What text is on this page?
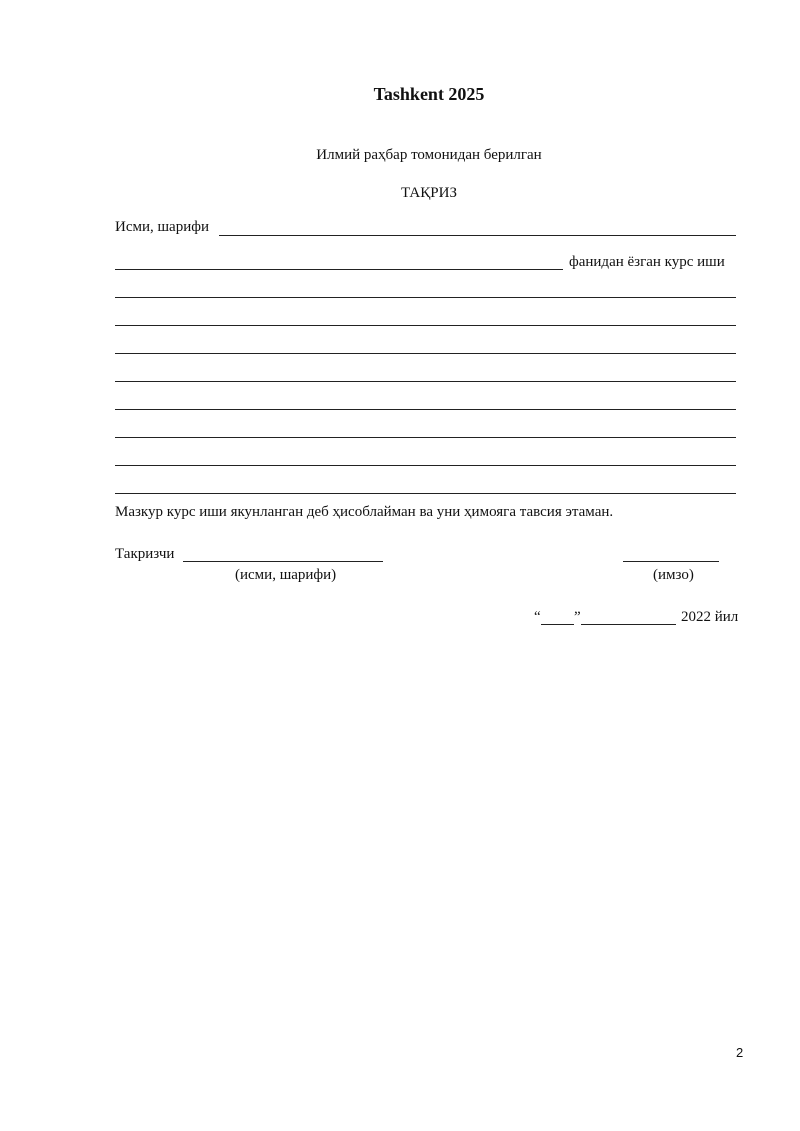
Tashkent 2025
Илмий раҳбар томонидан берилган
ТАҚРИЗ
Исми, шарифи
фанидан ёзган курс иши
Мазкур курс иши якунланган деб ҳисоблайман ва уни ҳимояга тавсия этаман.
Такризчи
(исми, шарифи)	(имзо)
“ ”	2022 йил
2
